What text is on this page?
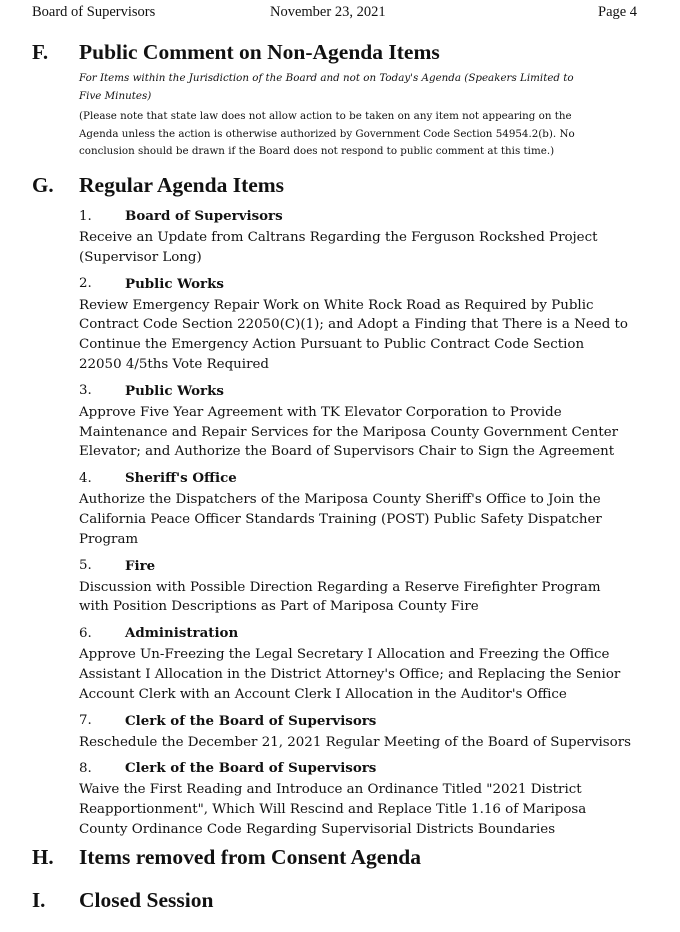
Board of Supervisors	November 23, 2021	Page 4
F. Public Comment on Non-Agenda Items
For Items within the Jurisdiction of the Board and not on Today's Agenda (Speakers Limited to
Five Minutes)
(Please note that state law does not allow action to be taken on any item not appearing on the
Agenda unless the action is otherwise authorized by Government Code Section 54954.2(b). No
conclusion should be drawn if the Board does not respond to public comment at this time.)
G. Regular Agenda Items
1.	Board of Supervisors
Receive an Update from Caltrans Regarding the Ferguson Rockshed Project
(Supervisor Long)
2.	Public Works
Review Emergency Repair Work on White Rock Road as Required by Public
Contract Code Section 22050(C)(1); and Adopt a Finding that There is a Need to
Continue the Emergency Action Pursuant to Public Contract Code Section
22050 4/5ths Vote Required
3.	Public Works
Approve Five Year Agreement with TK Elevator Corporation to Provide
Maintenance and Repair Services for the Mariposa County Government Center
Elevator; and Authorize the Board of Supervisors Chair to Sign the Agreement
4.	Sheriff's Office
Authorize the Dispatchers of the Mariposa County Sheriff's Office to Join the
California Peace Officer Standards Training (POST) Public Safety Dispatcher
Program
5.	Fire
Discussion with Possible Direction Regarding a Reserve Firefighter Program
with Position Descriptions as Part of Mariposa County Fire
6.	Administration
Approve Un-Freezing the Legal Secretary I Allocation and Freezing the Office
Assistant I Allocation in the District Attorney's Office; and Replacing the Senior
Account Clerk with an Account Clerk I Allocation in the Auditor's Office
7.	Clerk of the Board of Supervisors
Reschedule the December 21, 2021 Regular Meeting of the Board of Supervisors
8.	Clerk of the Board of Supervisors
Waive the First Reading and Introduce an Ordinance Titled "2021 District
Reapportionment", Which Will Rescind and Replace Title 1.16 of Mariposa
County Ordinance Code Regarding Supervisorial Districts Boundaries
H. Items removed from Consent Agenda
I. Closed Session
